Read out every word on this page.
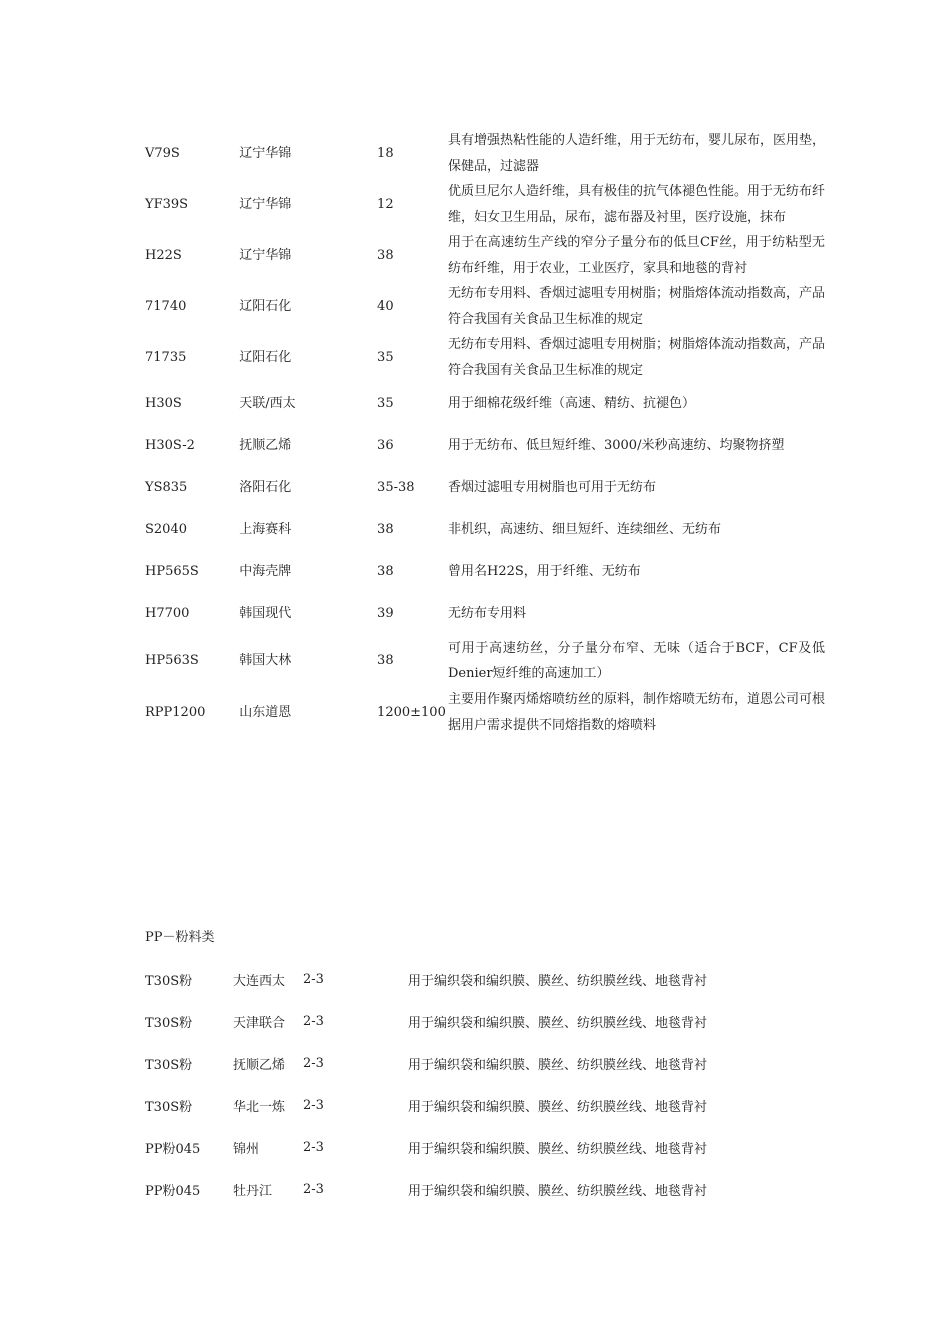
V79S	辽宁华锦	18	具有增强热粘性能的人造纤维，用于无纺布，婴儿尿布，医用垫，保健品，过滤器
YF39S	辽宁华锦	12	优质旦尼尔人造纤维，具有极佳的抗气体褪色性能。用于无纺布纤维，妇女卫生用品，尿布，滤布器及衬里，医疗设施，抹布
H22S	辽宁华锦	38	用于在高速纺生产线的窄分子量分布的低旦CF丝，用于纺粘型无纺布纤维，用于农业，工业医疗，家具和地毯的背衬
71740	辽阳石化	40	无纺布专用料、香烟过滤咀专用树脂；树脂熔体流动指数高，产品符合我国有关食品卫生标准的规定
71735	辽阳石化	35	无纺布专用料、香烟过滤咀专用树脂；树脂熔体流动指数高，产品符合我国有关食品卫生标准的规定
H30S	天联/西太	35	用于细棉花级纤维（高速、精纺、抗褪色）
H30S-2	抚顺乙烯	36	用于无纺布、低旦短纤维、3000/米秒高速纺、均聚物挤塑
YS835	洛阳石化	35-38	香烟过滤咀专用树脂也可用于无纺布
S2040	上海赛科	38	非机织，高速纺、细旦短纤、连续细丝、无纺布
HP565S	中海壳牌	38	曾用名H22S，用于纤维、无纺布
H7700	韩国现代	39	无纺布专用料
HP563S	韩国大林	38	可用于高速纺丝，分子量分布窄、无味（适合于BCF，CF及低Denier短纤维的高速加工）
RPP1200	山东道恩	1200±100	主要用作聚丙烯熔喷纺丝的原料，制作熔喷无纺布，道恩公司可根据用户需求提供不同熔指数的熔喷料
PP－粉料类
T30S粉	大连西太	2-3	用于编织袋和编织膜、膜丝、纺织膜丝线、地毯背衬
T30S粉	天津联合	2-3	用于编织袋和编织膜、膜丝、纺织膜丝线、地毯背衬
T30S粉	抚顺乙烯	2-3	用于编织袋和编织膜、膜丝、纺织膜丝线、地毯背衬
T30S粉	华北一炼	2-3	用于编织袋和编织膜、膜丝、纺织膜丝线、地毯背衬
PP粉045	锦州	2-3	用于编织袋和编织膜、膜丝、纺织膜丝线、地毯背衬
PP粉045	牡丹江	2-3	用于编织袋和编织膜、膜丝、纺织膜丝线、地毯背衬
